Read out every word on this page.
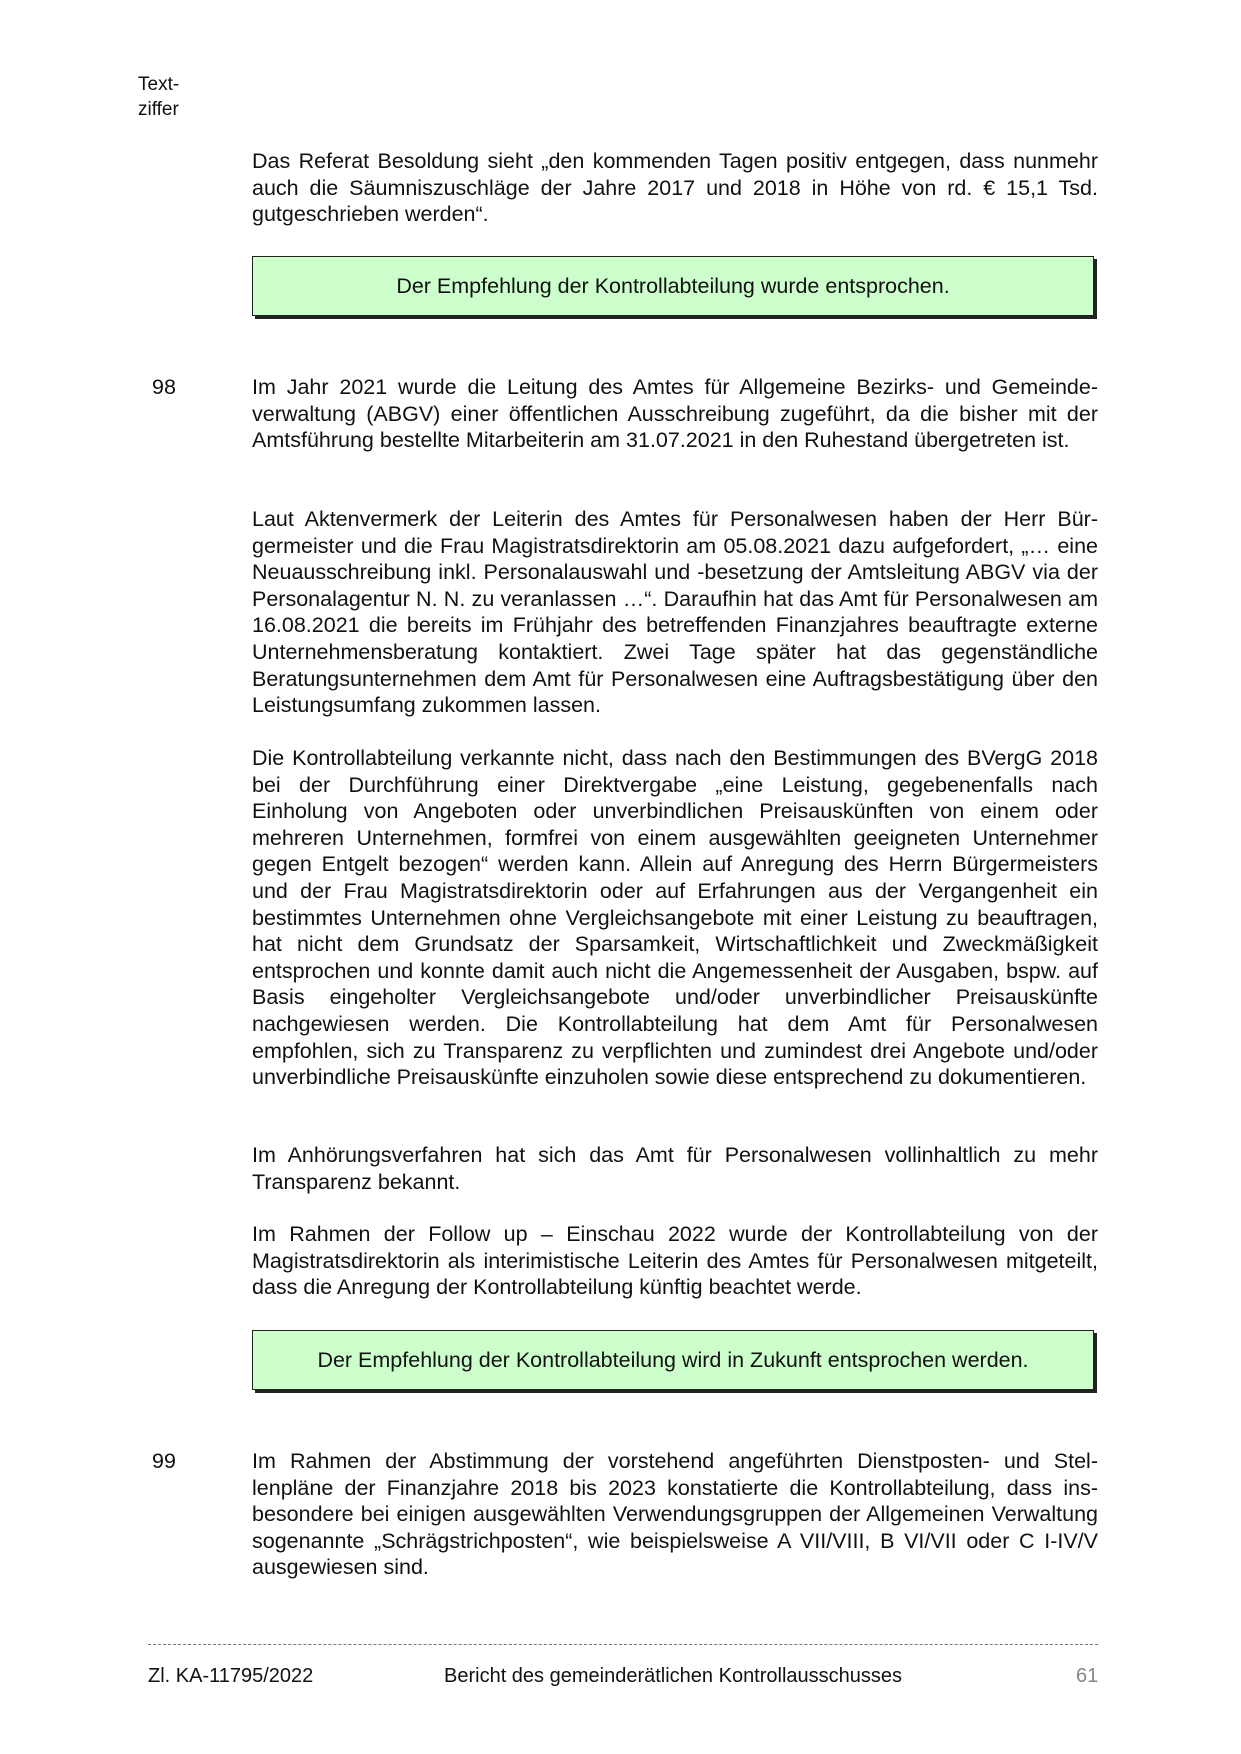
Text-
ziffer

Das Referat Besoldung sieht „den kommenden Tagen positiv entgegen, dass nunmehr auch die Säumniszuschläge der Jahre 2017 und 2018 in Höhe von rd. € 15,1 Tsd. gutgeschrieben werden“.

Der Empfehlung der Kontrollabteilung wurde entsprochen.
98	Im Jahr 2021 wurde die Leitung des Amtes für Allgemeine Bezirks- und Gemeindeverwaltung (ABGV) einer öffentlichen Ausschreibung zugeführt, da die bisher mit der Amtsführung bestellte Mitarbeiterin am 31.07.2021 in den Ruhestand übergetreten ist.

Laut Aktenvermerk der Leiterin des Amtes für Personalwesen haben der Herr Bürgermeister und die Frau Magistratsdirektorin am 05.08.2021 dazu aufgefordert, „… eine Neuausschreibung inkl. Personalauswahl und -besetzung der Amtsleitung ABGV via der Personalagentur N. N. zu veranlassen …“. Daraufhin hat das Amt für Personalwesen am 16.08.2021 die bereits im Frühjahr des betreffenden Finanzjahres beauftragte externe Unternehmensberatung kontaktiert. Zwei Tage später hat das gegenständliche Beratungsunternehmen dem Amt für Personalwesen eine Auftragsbestätigung über den Leistungsumfang zukommen lassen.

Die Kontrollabteilung verkannte nicht, dass nach den Bestimmungen des BVergG 2018 bei der Durchführung einer Direktvergabe „eine Leistung, gegebenenfalls nach Einholung von Angeboten oder unverbindlichen Preisauskünften von einem oder mehreren Unternehmen, formfrei von einem ausgewählten geeigneten Unternehmer gegen Entgelt bezogen“ werden kann. Allein auf Anregung des Herrn Bürgermeisters und der Frau Magistratsdirektorin oder auf Erfahrungen aus der Vergangenheit ein bestimmtes Unternehmen ohne Vergleichsangebote mit einer Leistung zu beauftragen, hat nicht dem Grundsatz der Sparsamkeit, Wirtschaftlichkeit und Zweckmäßigkeit entsprochen und konnte damit auch nicht die Angemessenheit der Ausgaben, bspw. auf Basis eingeholter Vergleichsangebote und/oder unverbindlicher Preisauskünfte nachgewiesen werden. Die Kontrollabteilung hat dem Amt für Personalwesen empfohlen, sich zu Transparenz zu verpflichten und zumindest drei Angebote und/oder unverbindliche Preisauskünfte einzuholen sowie diese entsprechend zu dokumentieren.

Im Anhörungsverfahren hat sich das Amt für Personalwesen vollinhaltlich zu mehr Transparenz bekannt.

Im Rahmen der Follow up – Einschau 2022 wurde der Kontrollabteilung von der Magistratsdirektorin als interimistische Leiterin des Amtes für Personalwesen mitgeteilt, dass die Anregung der Kontrollabteilung künftig beachtet werde.

Der Empfehlung der Kontrollabteilung wird in Zukunft entsprochen werden.
99	Im Rahmen der Abstimmung der vorstehend angeführten Dienstposten- und Stellenpläne der Finanzjahre 2018 bis 2023 konstatierte die Kontrollabteilung, dass insbesondere bei einigen ausgewählten Verwendungsgruppen der Allgemeinen Verwaltung sogenannte „Schrägstrichposten“, wie beispielsweise A VII/VIII, B VI/VII oder C I-IV/V ausgewiesen sind.

Zl. KA-11795/2022	Bericht des gemeinderätlichen Kontrollausschusses	61
